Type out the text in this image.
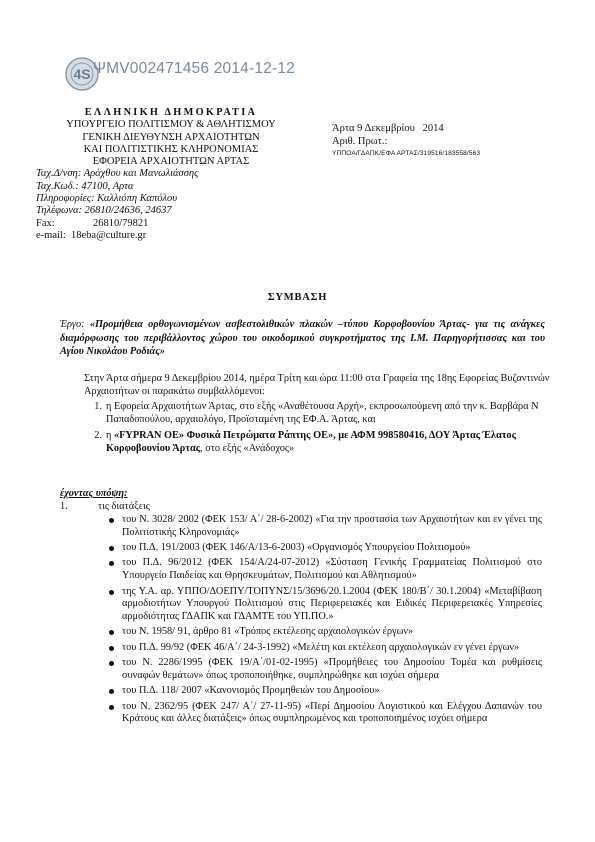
4S ΨΜV002471456 2014-12-12
ΕΛΛΗΝΙΚΗ ΔΗΜΟΚΡΑΤΙΑ
ΥΠΟΥΡΓΕΙΟ ΠΟΛΙΤΙΣΜΟΥ & ΑΘΛΗΤΙΣΜΟΥ
ΓΕΝΙΚΗ ΔΙΕΥΘΥΝΣΗ ΑΡΧΑΙΟΤΗΤΩΝ
ΚΑΙ ΠΟΛΙΤΙΣΤΙΚΗΣ ΚΛΗΡΟΝΟΜΙΑΣ
ΕΦΟΡΕΙΑ ΑΡΧΑΙΟΤΗΤΩΝ ΑΡΤΑΣ
Ταχ.Δ/νση: Αράχθου και Μανωλιάσσης
Ταχ.Κωδ.: 47100, Αρτα
Πληροφορίες: Καλλιόπη Καπόλου
Τηλέφωνα: 26810/24636, 24637
Fax:	26810/79821
e-mail: 18eba@culture.gr
Άρτα 9 Δεκεμβρίου   2014
Αριθ. Πρωτ.:
ΥΠΠΟΑ/ΓΔΑΠΚ/ΕΦΑ ΑΡΤΑΣ/319516/183558/563
ΣΥΜΒΑΣΗ
Έργο: «Προμήθεια ορθογωνισμένων ασβεστολιθικών πλακών –τύπου Κορφοβουνίου Άρτας- για τις ανάγκες διαμόρφωσης του περιβάλλοντος χώρου του οικοδομικού συγκροτήματος της Ι.Μ. Παρηγορήτισσας και του Αγίου Νικολάου Ροδιάς»
Στην Άρτα σήμερα 9 Δεκεμβρίου 2014, ημέρα Τρίτη και ώρα 11:00 στα Γραφεία της 18ης Εφορείας Βυζαντινών Αρχαιοτήτων οι παρακάτω συμβαλλόμενοι:
1. η Εφορεία Αρχαιοτήτων Άρτας, στο εξής «Αναθέτουσα Αρχή», εκπροσωπούμενη από την κ. Βαρβάρα Ν Παπαδοπούλου, αρχαιολόγο, Προϊσταμένη της ΕΦ.Α. Άρτας, και
2. η «FYPRAN OE» Φυσικά Πετρώματα Ράπτης ΟΕ», με ΑΦΜ 998580416, ΔΟΥ Άρτας Έλατος Κορφοβουνίου Άρτας, στο εξής «Ανάδοχος»
έχοντας υπόψη:
1.	τις διατάξεις
του Ν. 3028/ 2002 (ΦΕΚ 153/ Α΄/ 28-6-2002) «Για την προστασία των Αρχαιοτήτων και εν γένει της Πολιτιστικής Κληρονομιάς»
του Π.Δ. 191/2003 (ΦΕΚ 146/Α/13-6-2003) «Οργανισμός Υπουργείου Πολιτισμού»
του Π.Δ. 96/2012 (ΦΕΚ 154/Α/24-07-2012) «Σύσταση Γενικής Γραμματείας Πολιτισμού στο Υπουργείο Παιδείας και Θρησκευμάτων, Πολιτισμού και Αθλητισμού»
της Υ.Α. αρ. ΥΠΠΟ/ΔΟΕΠΥ/ΤΟΠΥΝΣ/15/3696/20.1.2004 (ΦΕΚ 180/Β΄/ 30.1.2004) «Μεταβίβαση αρμοδιοτήτων Υπουργού Πολιτισμού στις Περιφερειακές και Ειδικές Περιφερειακές Υπηρεσίες αρμοδιότητας ΓΔΑΠΚ και ΓΔΑΜΤΕ του ΥΠ.ΠΟ.»
του Ν. 1958/ 91, άρθρο 81 «Τρόπος εκτέλεσης αρχαιολογικών έργων»
του Π.Δ. 99/92 (ΦΕΚ 46/Α΄/ 24-3-1992) «Μελέτη και εκτέλεση αρχαιολογικών εν γένει έργων»
του Ν. 2286/1995 (ΦΕΚ 19/Α΄/01-02-1995) «Προμήθειες του Δημοσίου Τομέα και ρυθμίσεις συναφών θεμάτων» όπως τροποποιήθηκε, συμπληρώθηκε και ισχύει σήμερα
του Π.Δ. 118/ 2007 «Κανονισμός Προμηθειών του Δημοσίου»
του Ν. 2362/95 (ΦΕΚ 247/ Α΄/ 27-11-95) «Περί Δημοσίου Λογιστικού και Ελέγχου Δαπανών του Κράτους και άλλες διατάξεις» όπως συμπληρωμένος και τροποποιημένος ισχύει σήμερα
